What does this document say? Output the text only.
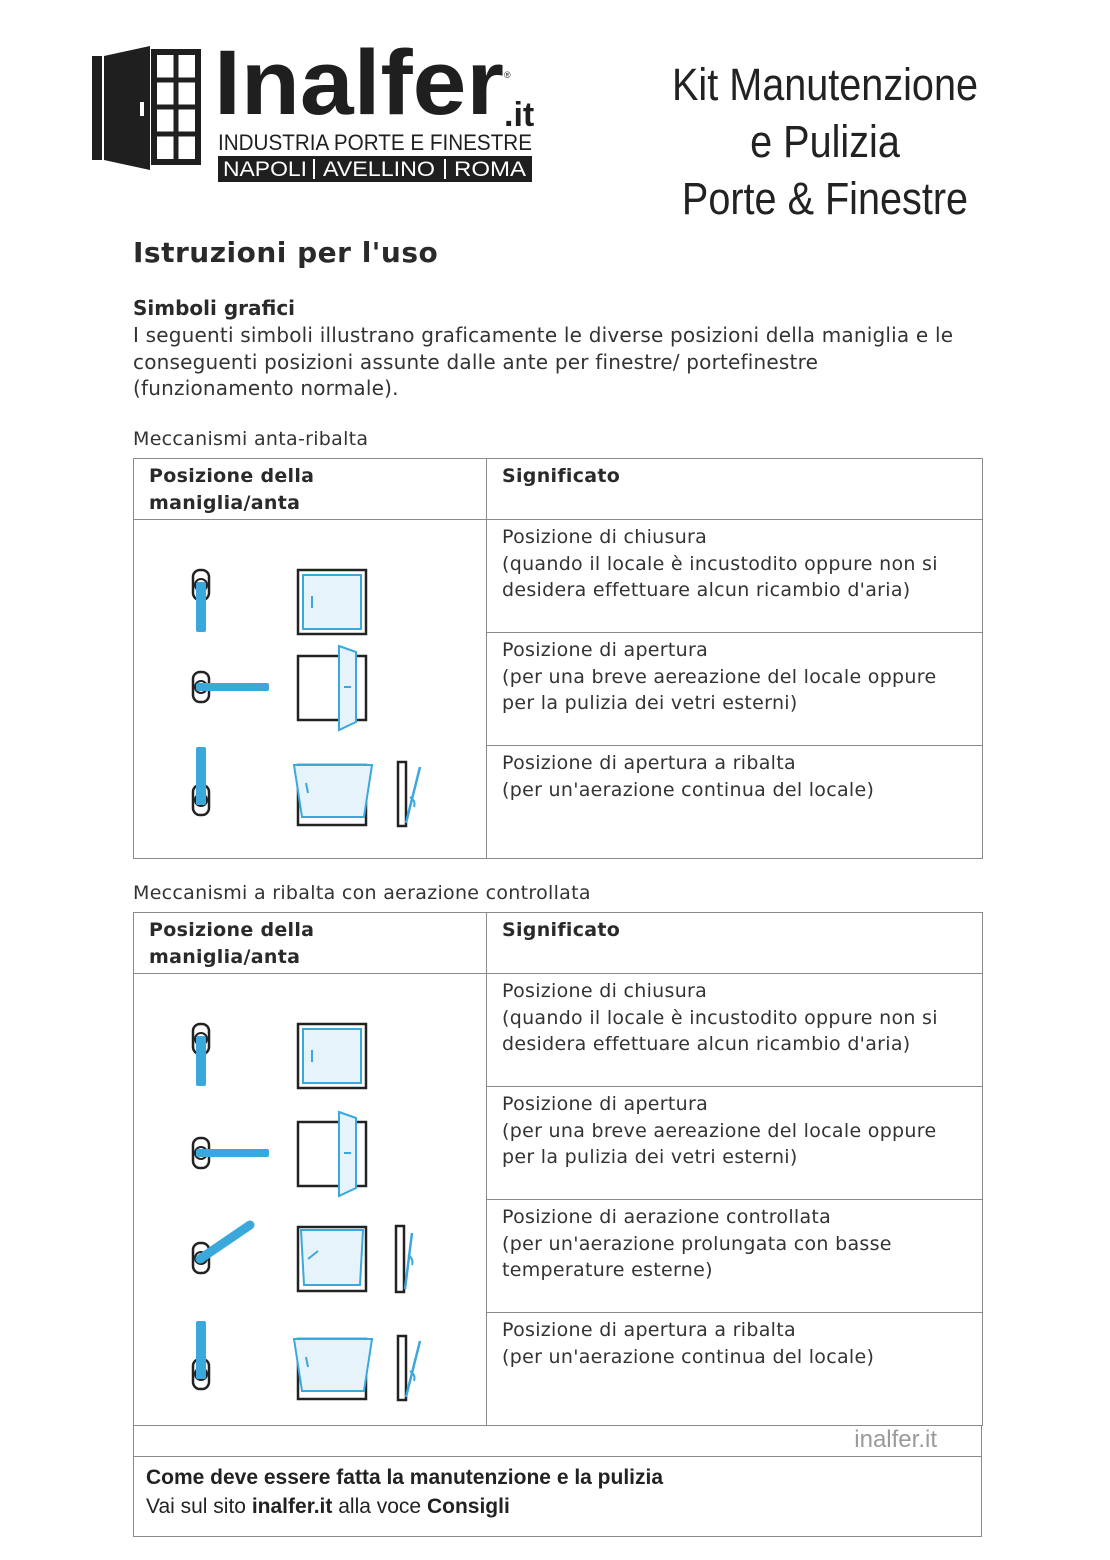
Inalfer .it
®
INDUSTRIA PORTE E FINESTRE
NAPOLI AVELLINO ROMA
Kit Manutenzione
e Pulizia
Porte & Finestre
Istruzioni per l'uso
Simboli grafici
I seguenti simboli illustrano graficamente le diverse posizioni della maniglia e le conseguenti posizioni assunte dalle ante per finestre/ portefinestre (funzionamento normale).
Meccanismi anta-ribalta
Posizione della maniglia/anta	Significato

Posizione di chiusura
(quando il locale è incustodito oppure non si desidera effettuare alcun ricambio d'aria)

	Posizione di apertura
(per una breve aereazione del locale oppure per la pulizia dei vetri esterni)

	Posizione di apertura a ribalta
(per un'aerazione continua del locale)
Meccanismi a ribalta con aerazione controllata
Posizione della maniglia/anta	Significato

Posizione di chiusura
(quando il locale è incustodito oppure non si desidera effettuare alcun ricambio d'aria)

	Posizione di apertura
(per una breve aereazione del locale oppure per la pulizia dei vetri esterni)

	Posizione di aerazione controllata
(per un'aerazione prolungata con basse temperature esterne)

	Posizione di apertura a ribalta
(per un'aerazione continua del locale)
inalfer.it
Come deve essere fatta la manutenzione e la pulizia
Vai sul sito inalfer.it alla voce Consigli
